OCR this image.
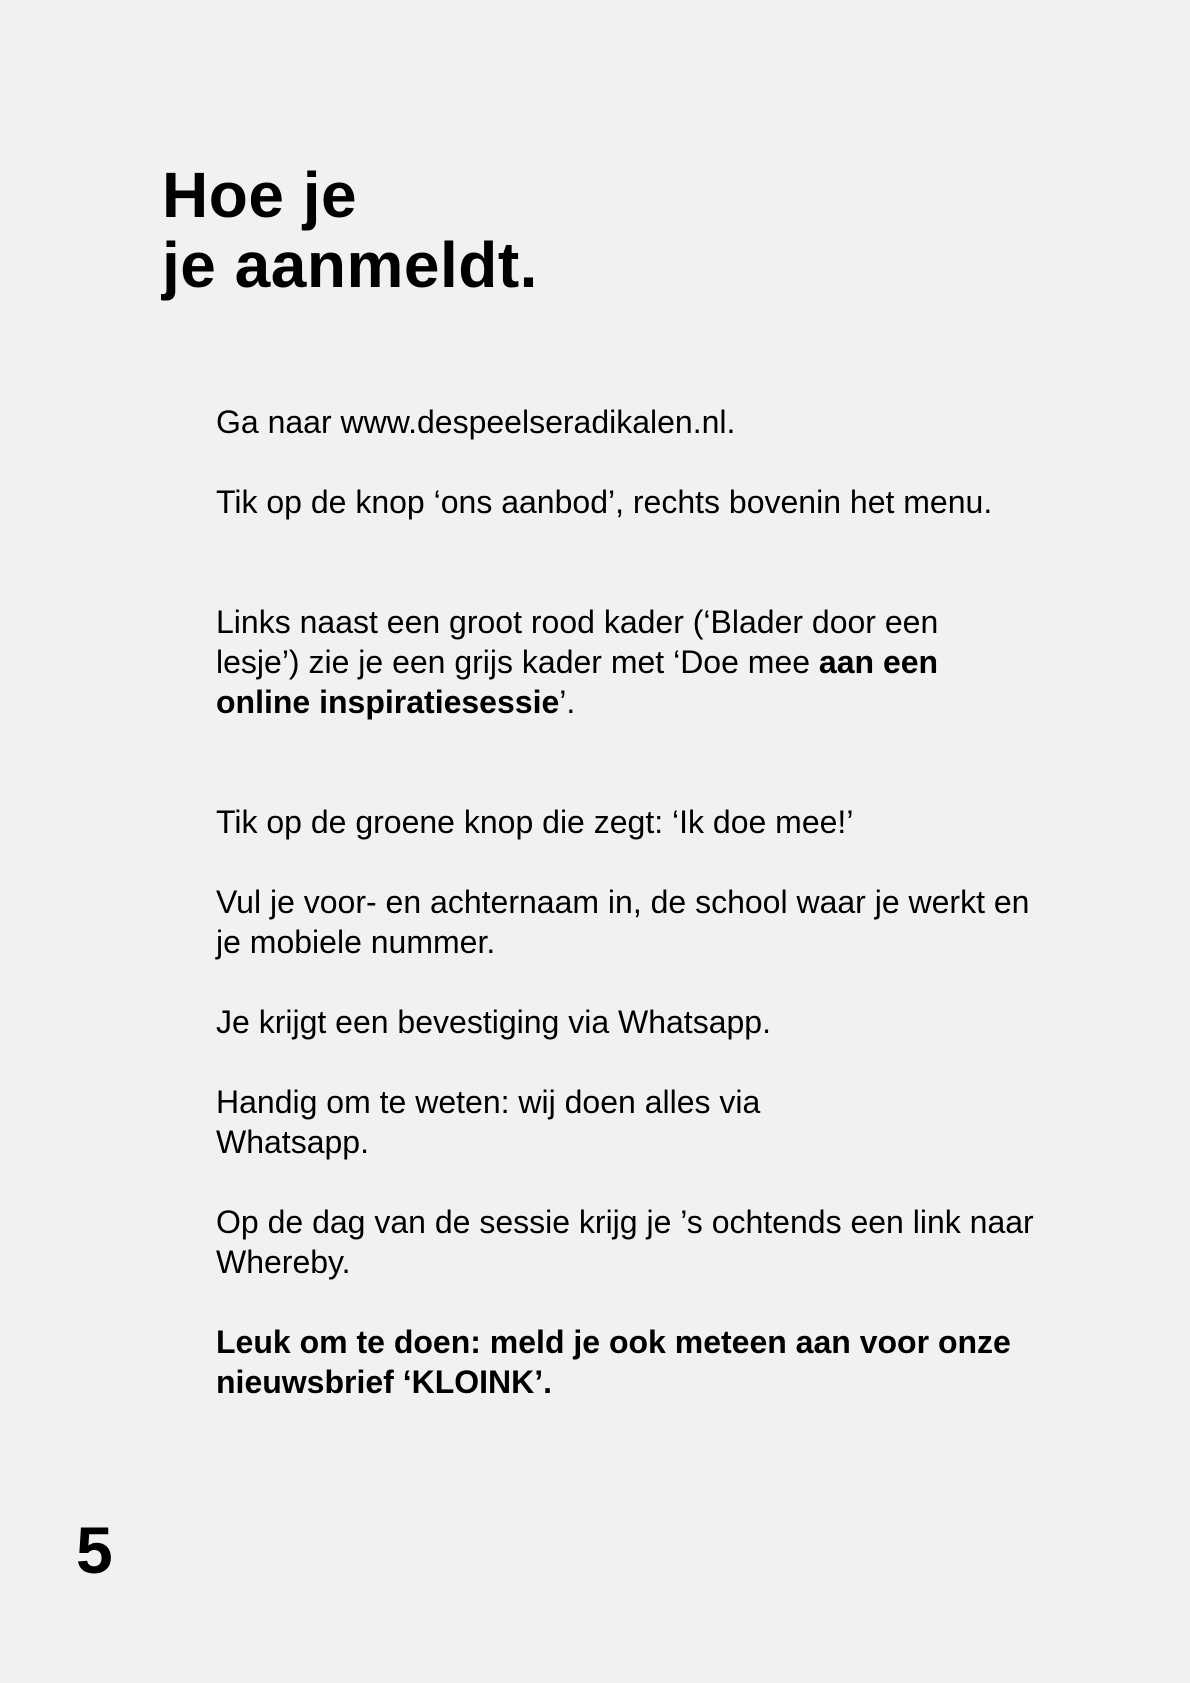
Hoe je
je aanmeldt.

Ga naar www.despeelseradikalen.nl.

Tik op de knop ‘ons aanbod’, rechts bovenin het menu.

Links naast een groot rood kader (‘Blader door een lesje’) zie je een grijs kader met ‘Doe mee aan een online inspiratiesessie’.

Tik op de groene knop die zegt: ‘Ik doe mee!’

Vul je voor- en achternaam in, de school waar je werkt en je mobiele nummer.

Je krijgt een bevestiging via Whatsapp.

Handig om te weten: wij doen alles via Whatsapp.

Op de dag van de sessie krijg je ’s ochtends een link naar Whereby.

Leuk om te doen: meld je ook meteen aan voor onze nieuwsbrief ‘KLOINK’.

5
